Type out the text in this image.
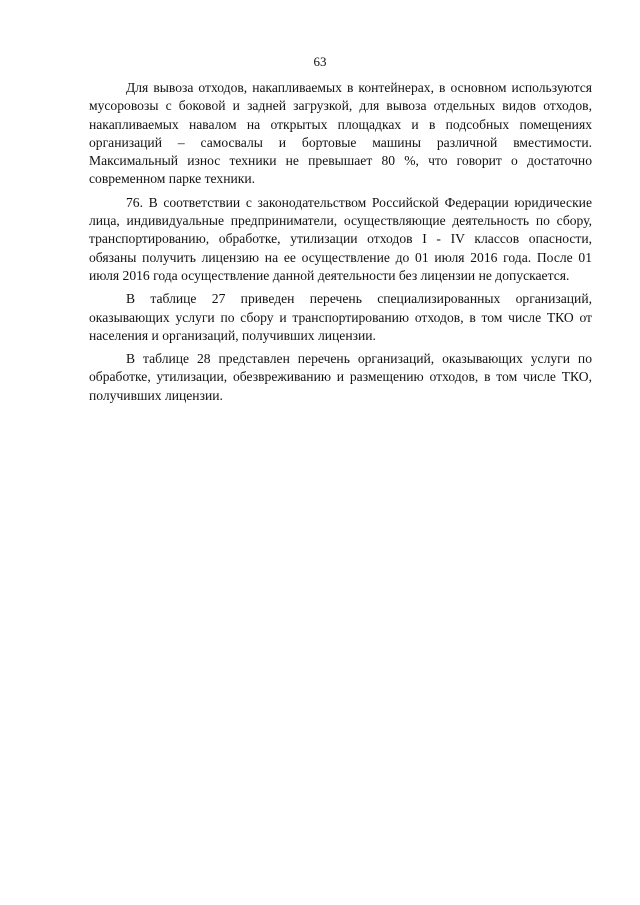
63

Для вывоза отходов, накапливаемых в контейнерах, в основном используются мусоровозы с боковой и задней загрузкой, для вывоза отдельных видов отходов, накапливаемых навалом на открытых площадках и в подсобных помещениях организаций – самосвалы и бортовые машины различной вместимости. Максимальный износ техники не превышает 80 %, что говорит о достаточно современном парке техники.

76. В соответствии с законодательством Российской Федерации юридические лица, индивидуальные предприниматели, осуществляющие деятельность по сбору, транспортированию, обработке, утилизации отходов I - IV классов опасности, обязаны получить лицензию на ее осуществление до 01 июля 2016 года. После 01 июля 2016 года осуществление данной деятельности без лицензии не допускается.

В таблице 27 приведен перечень специализированных организаций, оказывающих услуги по сбору и транспортированию отходов, в том числе ТКО от населения и организаций, получивших лицензии.

В таблице 28 представлен перечень организаций, оказывающих услуги по обработке, утилизации, обезвреживанию и размещению отходов, в том числе ТКО, получивших лицензии.
